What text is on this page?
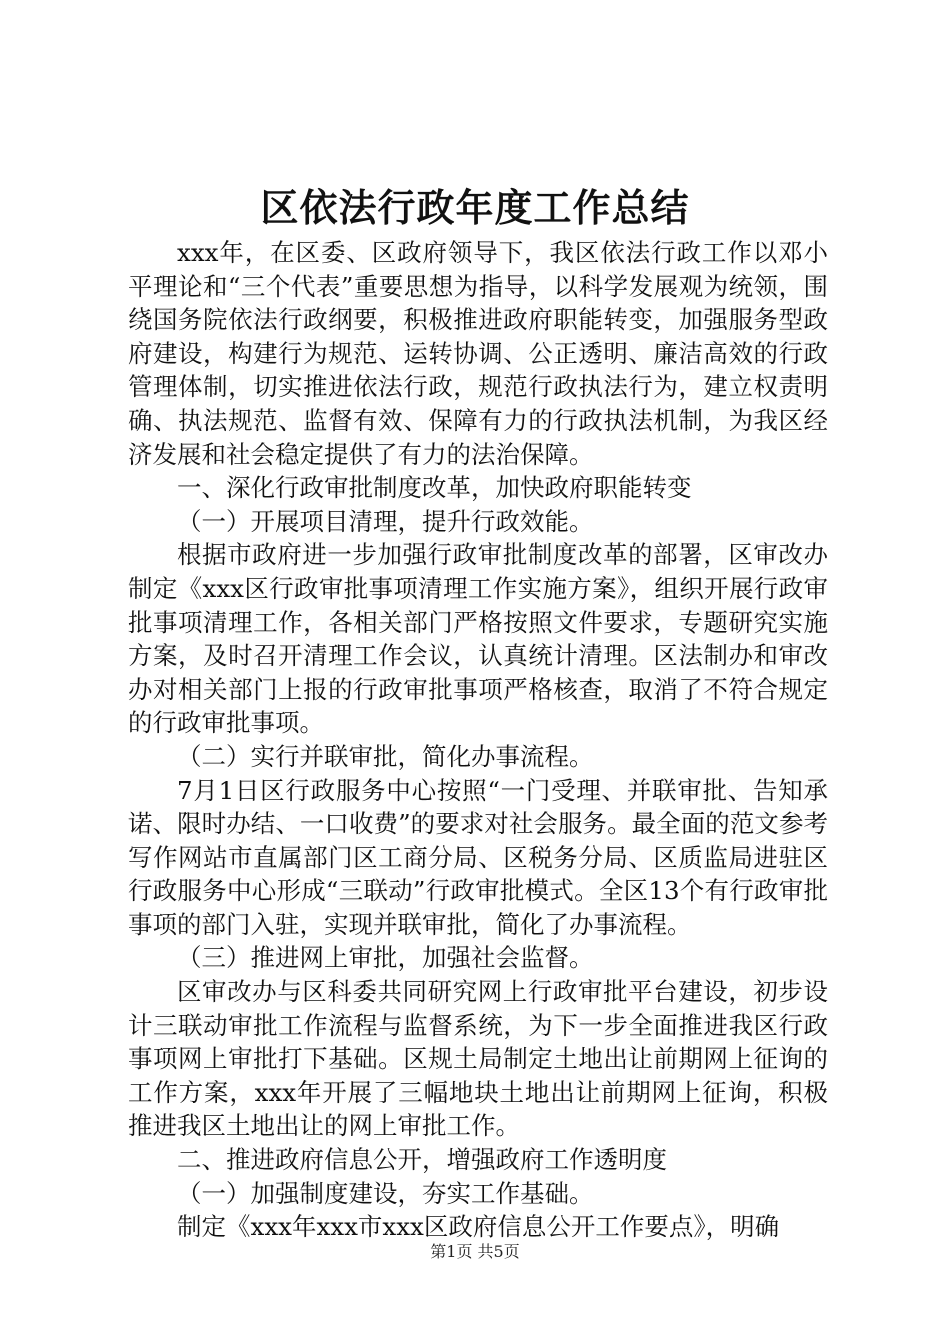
区依法行政年度工作总结

xxx年，在区委、区政府领导下，我区依法行政工作以邓小平理论和“三个代表”重要思想为指导，以科学发展观为统领，围绕国务院依法行政纲要，积极推进政府职能转变，加强服务型政府建设，构建行为规范、运转协调、公正透明、廉洁高效的行政管理体制，切实推进依法行政，规范行政执法行为，建立权责明确、执法规范、监督有效、保障有力的行政执法机制，为我区经济发展和社会稳定提供了有力的法治保障。

一、深化行政审批制度改革，加快政府职能转变

（一）开展项目清理，提升行政效能。

根据市政府进一步加强行政审批制度改革的部署，区审改办制定《xxx区行政审批事项清理工作实施方案》，组织开展行政审批事项清理工作，各相关部门严格按照文件要求，专题研究实施方案，及时召开清理工作会议，认真统计清理。区法制办和审改办对相关部门上报的行政审批事项严格核查，取消了不符合规定的行政审批事项。

（二）实行并联审批，简化办事流程。

7月1日区行政服务中心按照“一门受理、并联审批、告知承诺、限时办结、一口收费”的要求对社会服务。最全面的范文参考写作网站市直属部门区工商分局、区税务分局、区质监局进驻区行政服务中心形成“三联动”行政审批模式。全区13个有行政审批事项的部门入驻，实现并联审批，简化了办事流程。

（三）推进网上审批，加强社会监督。

区审改办与区科委共同研究网上行政审批平台建设，初步设计三联动审批工作流程与监督系统，为下一步全面推进我区行政事项网上审批打下基础。区规土局制定土地出让前期网上征询的工作方案，xxx年开展了三幅地块土地出让前期网上征询，积极推进我区土地出让的网上审批工作。

二、推进政府信息公开，增强政府工作透明度

（一）加强制度建设，夯实工作基础。

制定《xxx年xxx市xxx区政府信息公开工作要点》，明确

第1页 共5页
